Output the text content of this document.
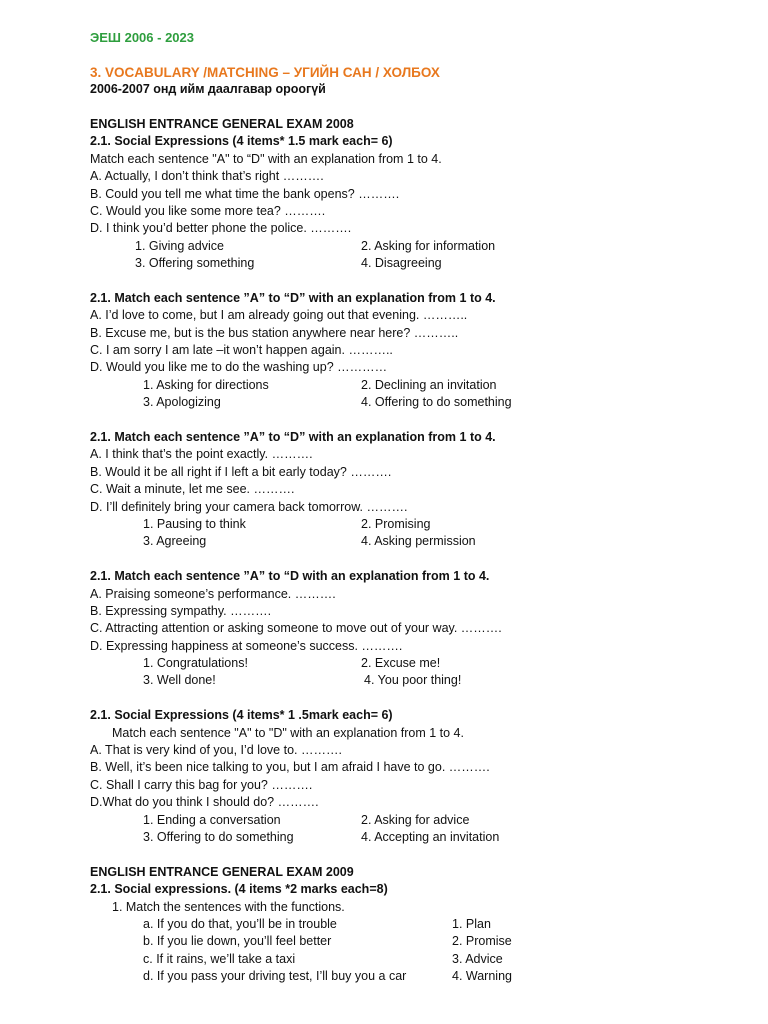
ЭЕШ 2006 - 2023
3. VOCABULARY /MATCHING – УГИЙН САН / ХОЛБОХ
2006-2007 онд ийм даалгавар ороогүй
ENGLISH ENTRANCE GENERAL EXAM 2008
2.1. Social Expressions (4 items* 1.5 mark each= 6)
Match each sentence "A" to “D" with an explanation from 1 to 4.
A. Actually, I don’t think that’s right ……….
B. Could you tell me what time the bank opens? ……….
C. Would you like some more tea? ……….
D. I think you’d better phone the police. ……….
1. Giving advice	2. Asking for information
3. Offering something	4. Disagreeing
2.1. Match each sentence ”A” to “D” with an explanation from 1 to 4.
A. I’d love to come, but I am already going out that evening. ………..
B. Excuse me, but is the bus station anywhere near here? ………..
C. I am sorry I am late –it won’t happen again. ………..
D. Would you like me to do the washing up? …………
1. Asking for directions	2. Declining an invitation
3. Apologizing	4. Offering to do something
2.1. Match each sentence ”A” to “D” with an explanation from 1 to 4.
A. I think that’s the point exactly. ……….
B. Would it be all right if I left a bit early today? ……….
C. Wait a minute, let me see. ……….
D. I’ll definitely bring your camera back tomorrow. ……….
1. Pausing to think	2. Promising
3. Agreeing	4. Asking permission
2.1. Match each sentence ”A” to “D with an explanation from 1 to 4.
A. Praising someone’s performance. ……….
B. Expressing sympathy. ……….
C. Attracting attention or asking someone to move out of your way. ……….
D. Expressing happiness at someone’s success. ……….
1. Congratulations!	2. Excuse me!
3. Well done!	4. You poor thing!
2.1. Social Expressions (4 items* 1 .5mark each= 6)
Match each sentence "A" to "D" with an explanation from 1 to 4.
A. That is very kind of you, I’d love to. ……….
B. Well, it’s been nice talking to you, but I am afraid I have to go. ……….
C. Shall I carry this bag for you? ……….
D.What do you think I should do? ……….
1. Ending a conversation	2. Asking for advice
3. Offering to do something	4. Accepting an invitation
ENGLISH ENTRANCE GENERAL EXAM 2009
2.1. Social expressions. (4 items *2 marks each=8)
1. Match the sentences with the functions.
a. If you do that, you’ll be in trouble	1. Plan
b. If you lie down, you’ll feel better	2. Promise
c. If it rains, we’ll take a taxi	3. Advice
d. If you pass your driving test, I’ll buy you a car	4. Warning
